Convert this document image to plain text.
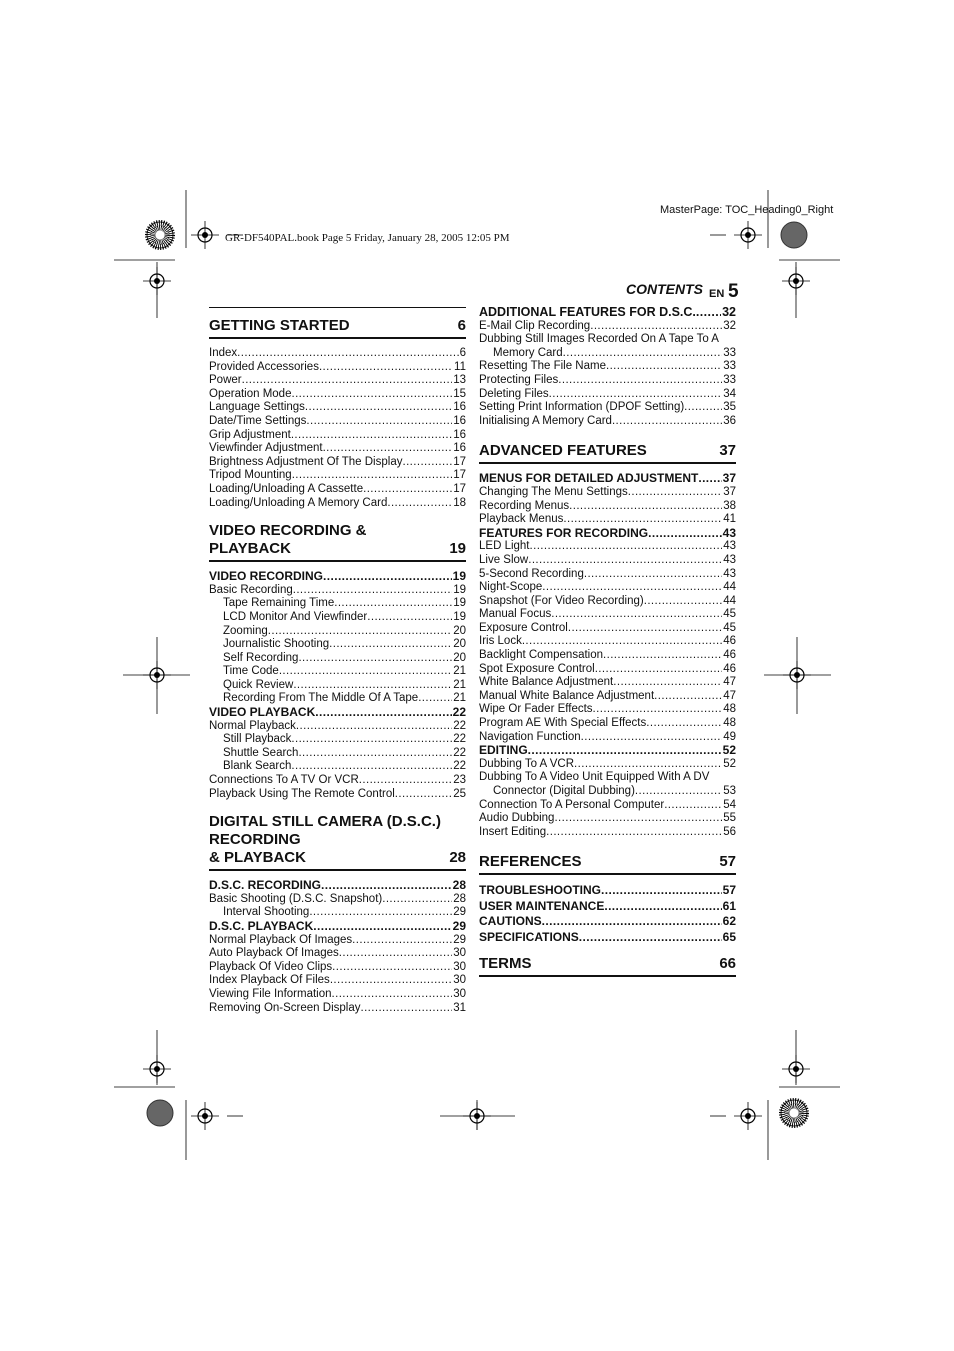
MasterPage: TOC_Heading0_Right
GR-DF540PAL.book Page 5 Friday, January 28, 2005 12:05 PM
CONTENTS EN 5
GETTING STARTED	6
Index .....	6
Provided Accessories .....	11
Power .....	13
Operation Mode .....	15
Language Settings .....	16
Date/Time Settings .....	16
Grip Adjustment .....	16
Viewfinder Adjustment .....	16
Brightness Adjustment Of The Display .....	17
Tripod Mounting .....	17
Loading/Unloading A Cassette .....	17
Loading/Unloading A Memory Card .....	18
VIDEO RECORDING & PLAYBACK	19
VIDEO RECORDING .....	19
Basic Recording .....	19
Tape Remaining Time .....	19
LCD Monitor And Viewfinder .....	19
Zooming .....	20
Journalistic Shooting .....	20
Self Recording .....	20
Time Code .....	21
Quick Review .....	21
Recording From The Middle Of A Tape .....	21
VIDEO PLAYBACK .....	22
Normal Playback .....	22
Still Playback .....	22
Shuttle Search .....	22
Blank Search .....	22
Connections To A TV Or VCR .....	23
Playback Using The Remote Control .....	25
DIGITAL STILL CAMERA (D.S.C.) RECORDING
& PLAYBACK	28
D.S.C. RECORDING .....	28
Basic Shooting (D.S.C. Snapshot) .....	28
Interval Shooting .....	29
D.S.C. PLAYBACK .....	29
Normal Playback Of Images .....	29
Auto Playback Of Images .....	30
Playback Of Video Clips .....	30
Index Playback Of Files .....	30
Viewing File Information .....	30
Removing On-Screen Display .....	31
ADDITIONAL FEATURES FOR D.S.C. ..... 32
E-Mail Clip Recording .....	32
Dubbing Still Images Recorded On A Tape To A
Memory Card .....	33
Resetting The File Name .....	33
Protecting Files .....	33
Deleting Files .....	34
Setting Print Information (DPOF Setting) .....	35
Initialising A Memory Card .....	36
ADVANCED FEATURES	37
MENUS FOR DETAILED ADJUSTMENT ..... 37
Changing The Menu Settings .....	37
Recording Menus .....	38
Playback Menus .....	41
FEATURES FOR RECORDING .....	43
LED Light .....	43
Live Slow .....	43
5-Second Recording .....	43
Night-Scope .....	44
Snapshot (For Video Recording) .....	44
Manual Focus .....	45
Exposure Control .....	45
Iris Lock .....	46
Backlight Compensation .....	46
Spot Exposure Control .....	46
White Balance Adjustment .....	47
Manual White Balance Adjustment .....	47
Wipe Or Fader Effects .....	48
Program AE With Special Effects .....	48
Navigation Function .....	49
EDITING .....	52
Dubbing To A VCR .....	52
Dubbing To A Video Unit Equipped With A DV
Connector (Digital Dubbing) .....	53
Connection To A Personal Computer .....	54
Audio Dubbing .....	55
Insert Editing .....	56
REFERENCES	57
TROUBLESHOOTING .....	57
USER MAINTENANCE .....	61
CAUTIONS .....	62
SPECIFICATIONS .....	65
TERMS	66
